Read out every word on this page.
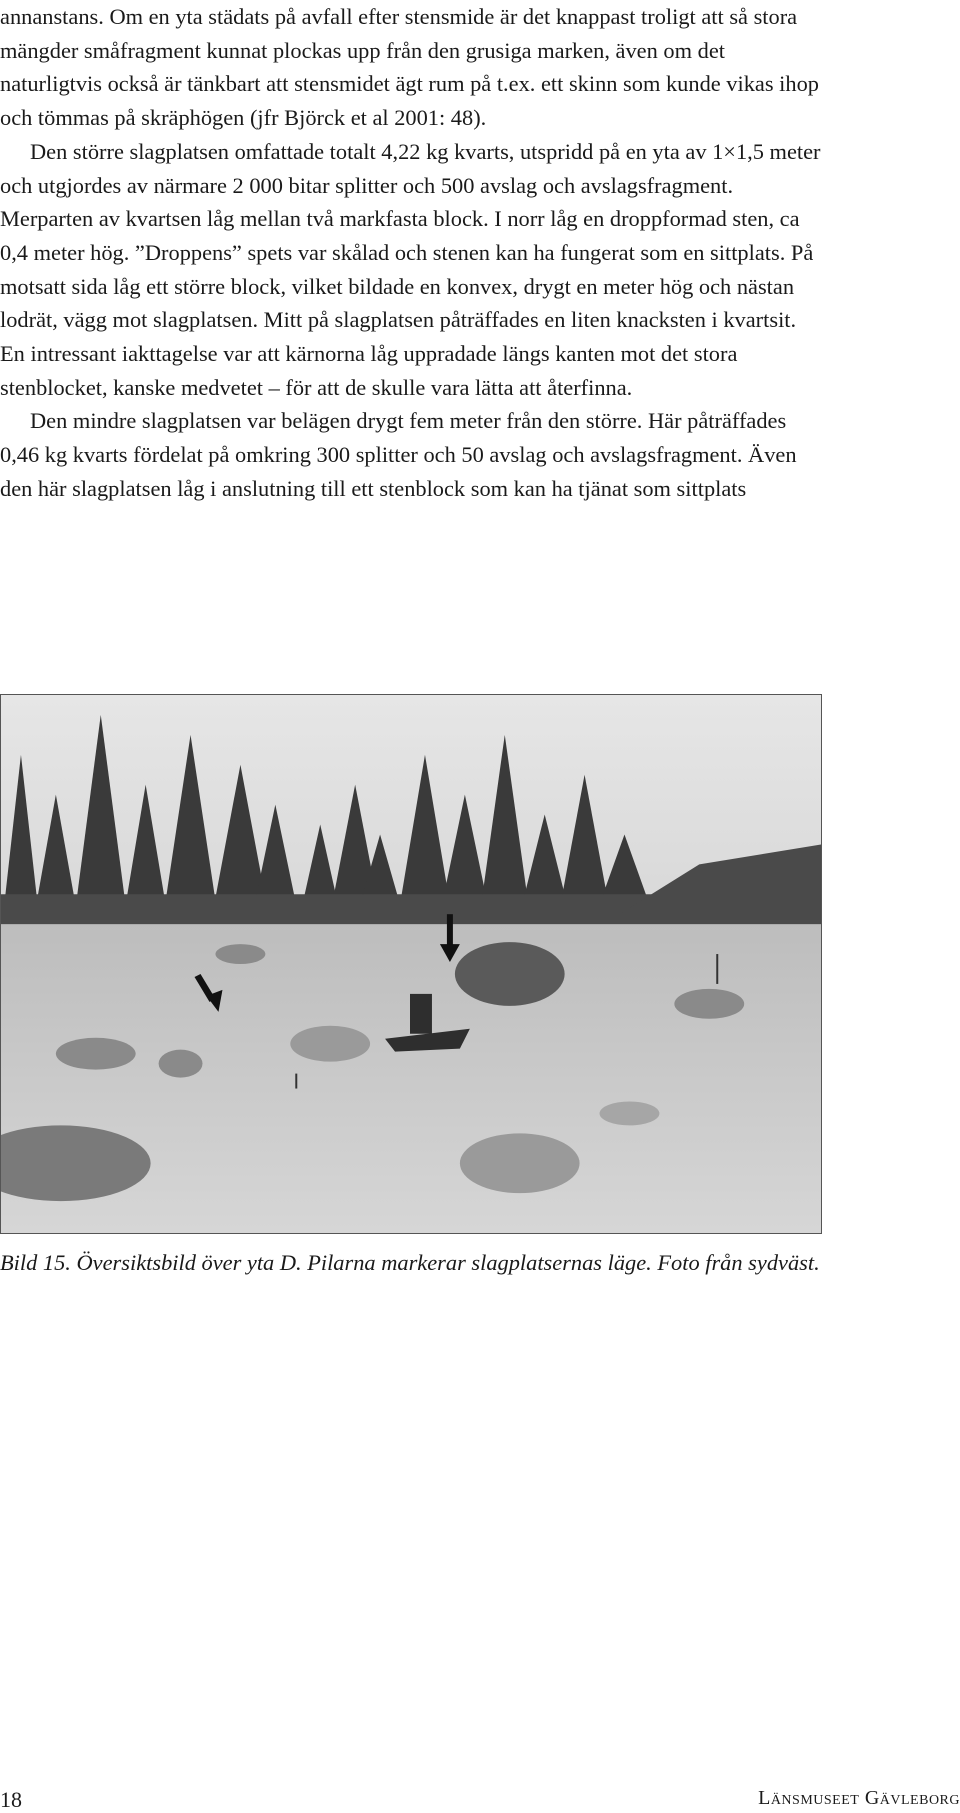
annanstans. Om en yta städats på avfall efter stensmide är det knappast troligt att så stora mängder småfragment kunnat plockas upp från den grusiga marken, även om det naturligtvis också är tänkbart att stensmidet ägt rum på t.ex. ett skinn som kunde vikas ihop och tömmas på skräphögen (jfr Björck et al 2001: 48).

Den större slagplatsen omfattade totalt 4,22 kg kvarts, utspridd på en yta av 1×1,5 meter och utgjordes av närmare 2 000 bitar splitter och 500 avslag och avslagsfragment. Merparten av kvartsen låg mellan två markfasta block. I norr låg en droppformad sten, ca 0,4 meter hög. ”Droppens” spets var skålad och stenen kan ha fungerat som en sittplats. På motsatt sida låg ett större block, vilket bildade en konvex, drygt en meter hög och nästan lodrät, vägg mot slagplatsen. Mitt på slagplatsen påträffades en liten knacksten i kvartsit. En intressant iakttagelse var att kärnorna låg uppradade längs kanten mot det stora stenblocket, kanske medvetet – för att de skulle vara lätta att återfinna.

Den mindre slagplatsen var belägen drygt fem meter från den större. Här påträffades 0,46 kg kvarts fördelat på omkring 300 splitter och 50 avslag och avslagsfragment. Även den här slagplatsen låg i anslutning till ett stenblock som kan ha tjänat som sittplats

Bild 15. Översiktsbild över yta D. Pilarna markerar slagplatsernas läge. Foto från sydväst.
18	Länsmuseet Gävleborg
